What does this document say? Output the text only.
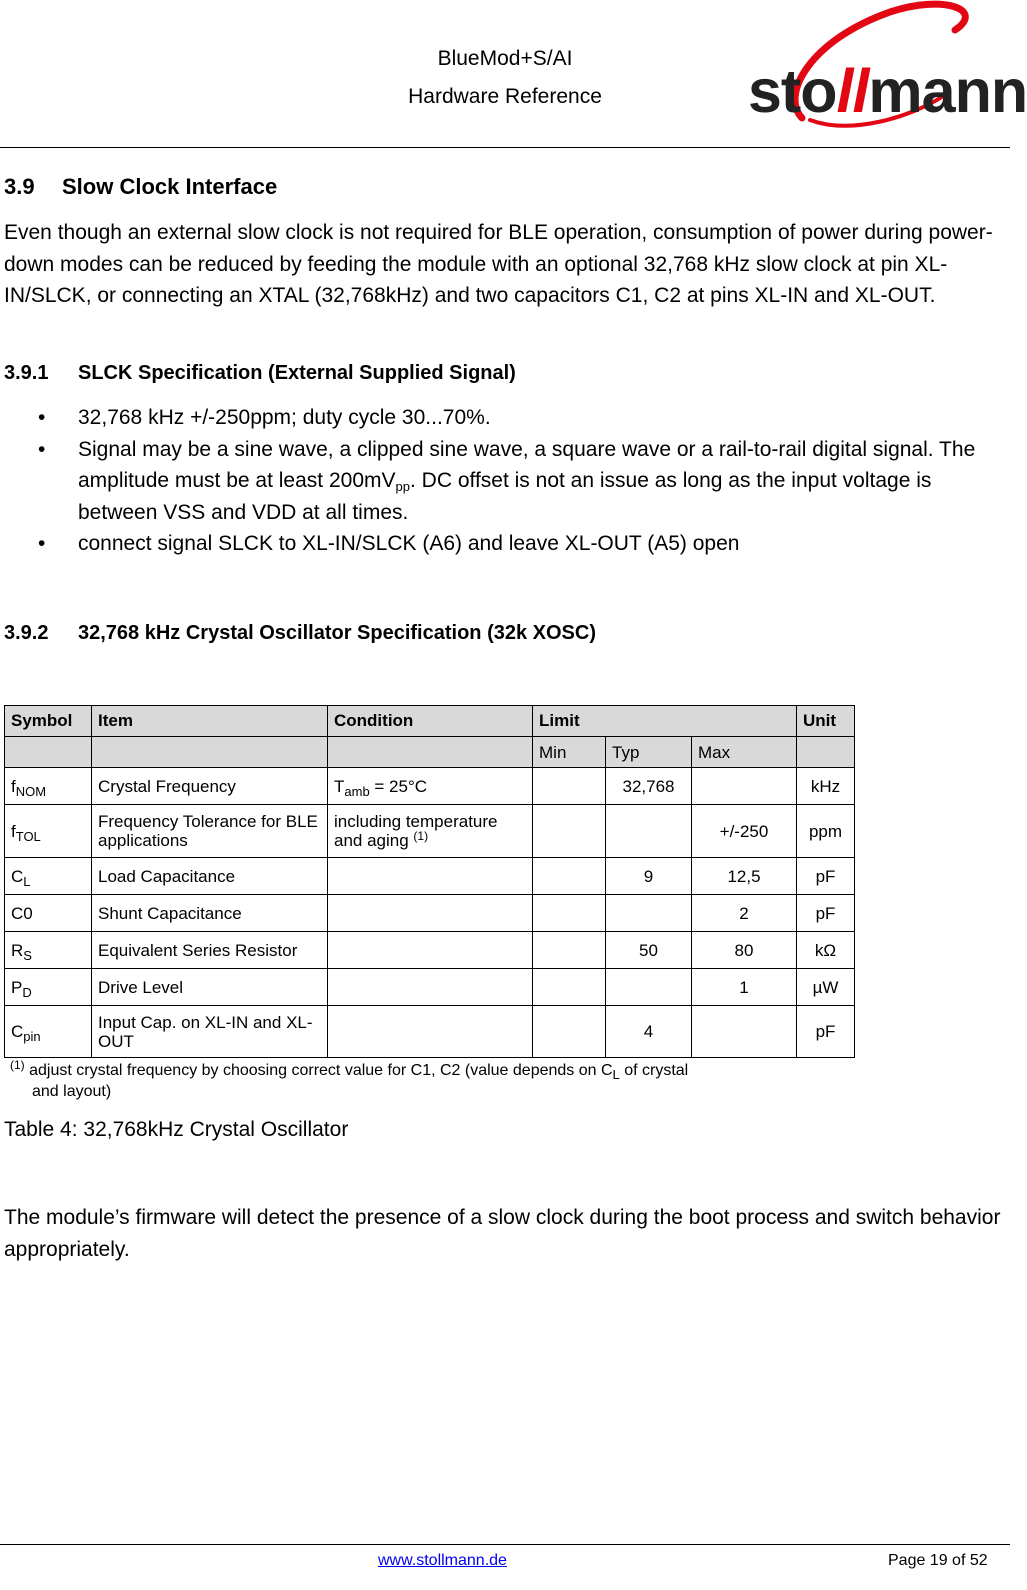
BlueMod+S/AI
Hardware Reference	stollmann
3.9 Slow Clock Interface
Even though an external slow clock is not required for BLE operation, consumption of power during power-down modes can be reduced by feeding the module with an optional 32,768 kHz slow clock at pin XL-IN/SLCK, or connecting an XTAL (32,768kHz) and two capacitors C1, C2 at pins XL-IN and XL-OUT.
3.9.1 SLCK Specification (External Supplied Signal)
• 32,768 kHz +/-250ppm; duty cycle 30...70%.
• Signal may be a sine wave, a clipped sine wave, a square wave or a rail-to-rail digital signal. The amplitude must be at least $200mV_{pp}$. DC offset is not an issue as long as the input voltage is between VSS and VDD at all times.
• connect signal SLCK to XL-IN/SLCK (A6) and leave XL-OUT (A5) open
3.9.2 32,768 kHz Crystal Oscillator Specification (32k XOSC)
Symbol	Item	Condition	Limit			Unit
			Min	Typ	Max	
$f_{NOM}$	Crystal Frequency	$T_{amb} = 25^\circ C$		32,768		kHz
$f_{TOL}$	Frequency Tolerance for BLE applications	including temperature and aging $^{(1)}$			+/-250	ppm
$C_L$	Load Capacitance			9	12,5	pF
C0	Shunt Capacitance				2	pF
$R_S$	Equivalent Series Resistor			50	80	kΩ
$P_D$	Drive Level				1	µW
$C_{pin}$	Input Cap. on XL-IN and XL-OUT			4		pF
$^{(1)}$ adjust crystal frequency by choosing correct value for C1, C2 (value depends on $C_L$ of crystal
and layout)
Table 4: 32,768kHz Crystal Oscillator
The module’s firmware will detect the presence of a slow clock during the boot process and switch behavior appropriately.
www.stollmann.de	Page 19 of 52
